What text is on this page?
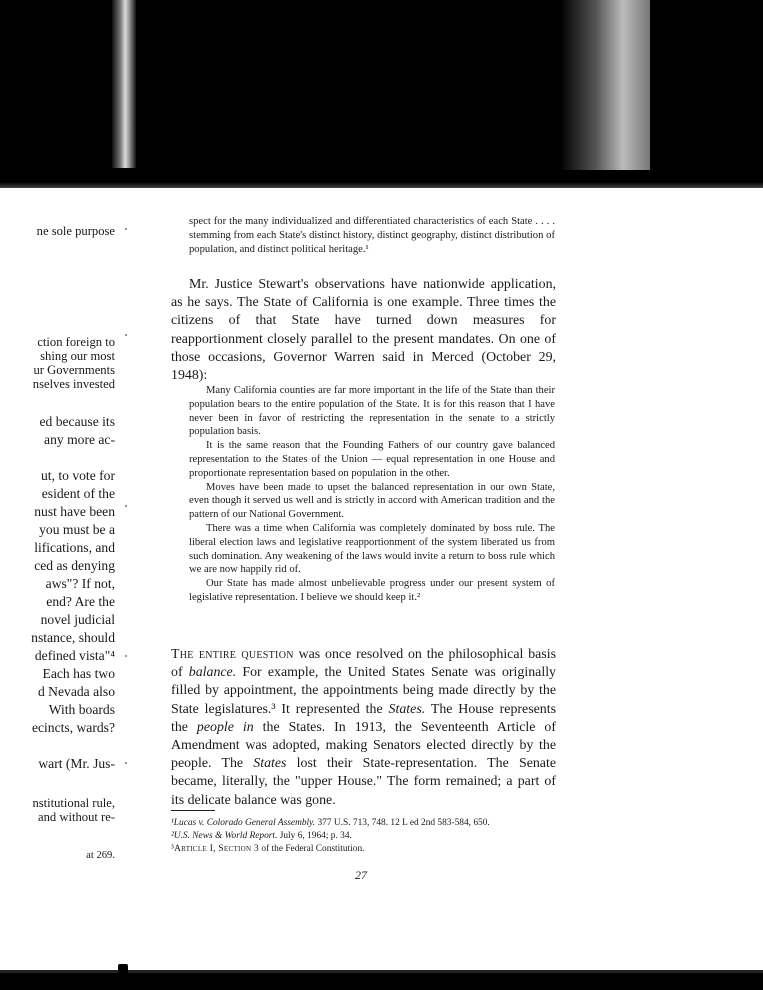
ne sole purpose
ction foreign to
shing our most
ur Governments
nselves invested
ed because its
any more ac-
ut, to vote for
esident of the
nust have been
you must be a
lifications, and
ced as denying
aws"? If not,
end? Are the
novel judicial
nstance, should
defined vista"⁴
Each has two
d Nevada also
With boards
ecincts, wards?
wart (Mr. Jus-
nstitutional rule,
and without re-
at 269.
spect for the many individualized and differentiated characteristics of each State . . . . stemming from each State's distinct history, distinct geography, distinct distribution of population, and distinct political heritage.¹

Mr. Justice Stewart's observations have nationwide application, as he says. The State of California is one example. Three times the citizens of that State have turned down measures for reapportionment closely parallel to the present mandates. On one of those occasions, Governor Warren said in Merced (October 29, 1948):

Many California counties are far more important in the life of the State than their population bears to the entire population of the State. It is for this reason that I have never been in favor of restricting the representation in the senate to a strictly population basis.

It is the same reason that the Founding Fathers of our country gave balanced representation to the States of the Union — equal representation in one House and proportionate representation based on population in the other.

Moves have been made to upset the balanced representation in our own State, even though it served us well and is strictly in accord with American tradition and the pattern of our National Government.

There was a time when California was completely dominated by boss rule. The liberal election laws and legislative reapportionment of the system liberated us from such domination. Any weakening of the laws would invite a return to boss rule which we are now happily rid of.

Our State has made almost unbelievable progress under our present system of legislative representation. I believe we should keep it.²

The entire question was once resolved on the philosophical basis of balance. For example, the United States Senate was originally filled by appointment, the appointments being made directly by the State legislatures.³ It represented the States. The House represents the people in the States. In 1913, the Seventeenth Article of Amendment was adopted, making Senators elected directly by the people. The States lost their State-representation. The Senate became, literally, the "upper House." The form remained; a part of its delicate balance was gone.

¹Lucas v. Colorado General Assembly. 377 U.S. 713, 748. 12 L ed 2nd 583-584, 650.
²U.S. News & World Report. July 6, 1964; p. 34.
³Article I, Section 3 of the Federal Constitution.
27
